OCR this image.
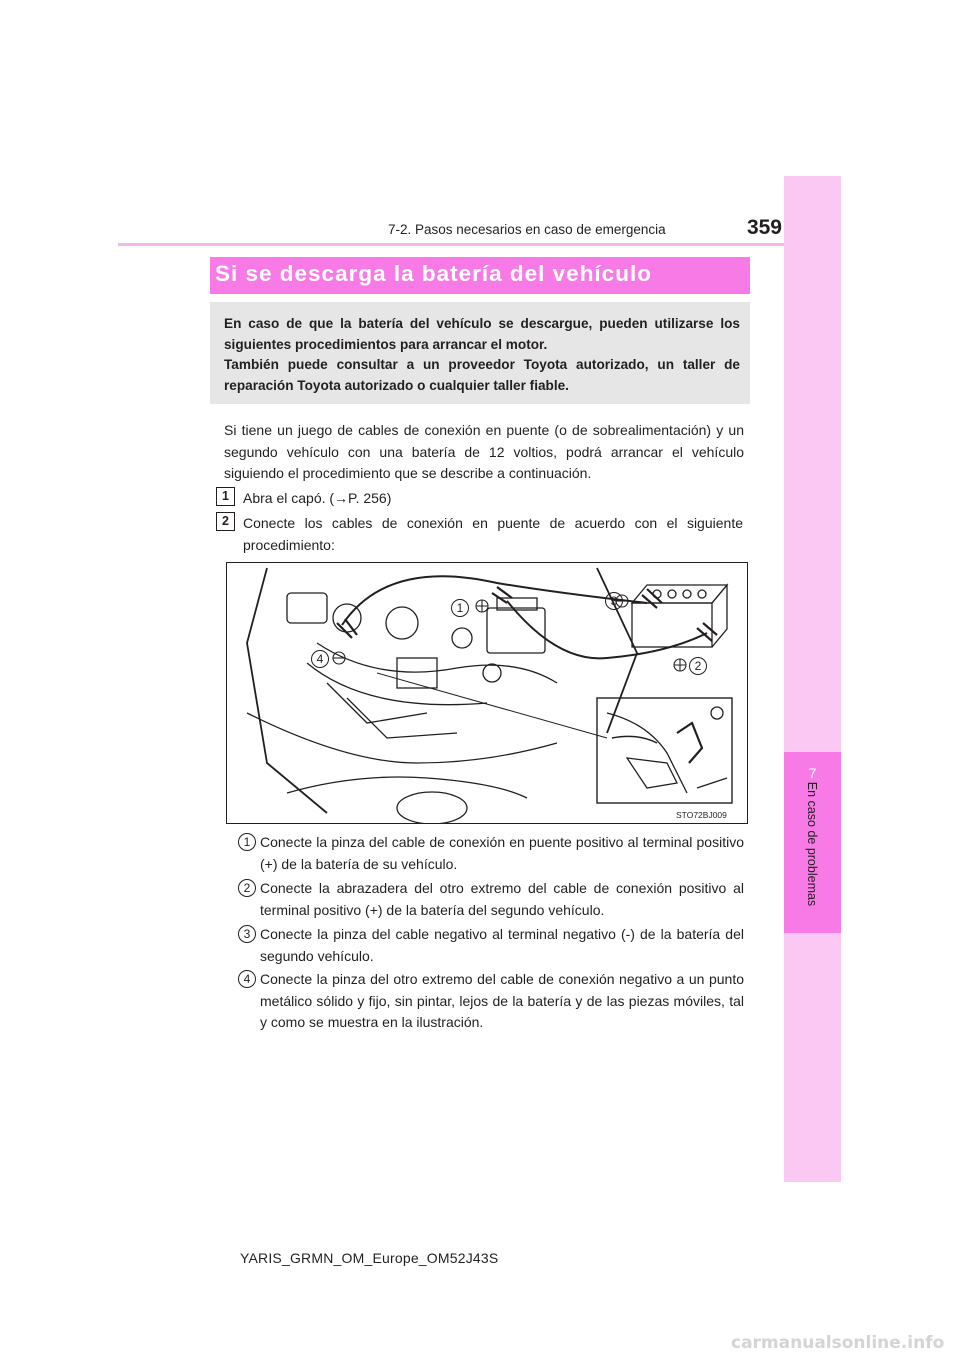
7
En caso de problemas
7-2. Pasos necesarios en caso de emergencia	359
Si se descarga la batería del vehículo

En caso de que la batería del vehículo se descargue, pueden utilizarse los siguientes procedimientos para arrancar el motor.

También puede consultar a un proveedor Toyota autorizado, un taller de reparación Toyota autorizado o cualquier taller fiable.

Si tiene un juego de cables de conexión en puente (o de sobrealimentación) y un segundo vehículo con una batería de 12 voltios, podrá arrancar el vehículo siguiendo el procedimiento que se describe a continuación.
1	Abra el capó. (→P. 256)
2	Conecte los cables de conexión en puente de acuerdo con el siguiente procedimiento:
1	3
2
4
STO72BJ009
1 Conecte la pinza del cable de conexión en puente positivo al terminal positivo (+) de la batería de su vehículo.
2 Conecte la abrazadera del otro extremo del cable de conexión positivo al terminal positivo (+) de la batería del segundo vehículo.
3 Conecte la pinza del cable negativo al terminal negativo (-) de la batería del segundo vehículo.
4 Conecte la pinza del otro extremo del cable de conexión negativo a un punto metálico sólido y fijo, sin pintar, lejos de la batería y de las piezas móviles, tal y como se muestra en la ilustración.
YARIS_GRMN_OM_Europe_OM52J43S
carmanualsonline.info
